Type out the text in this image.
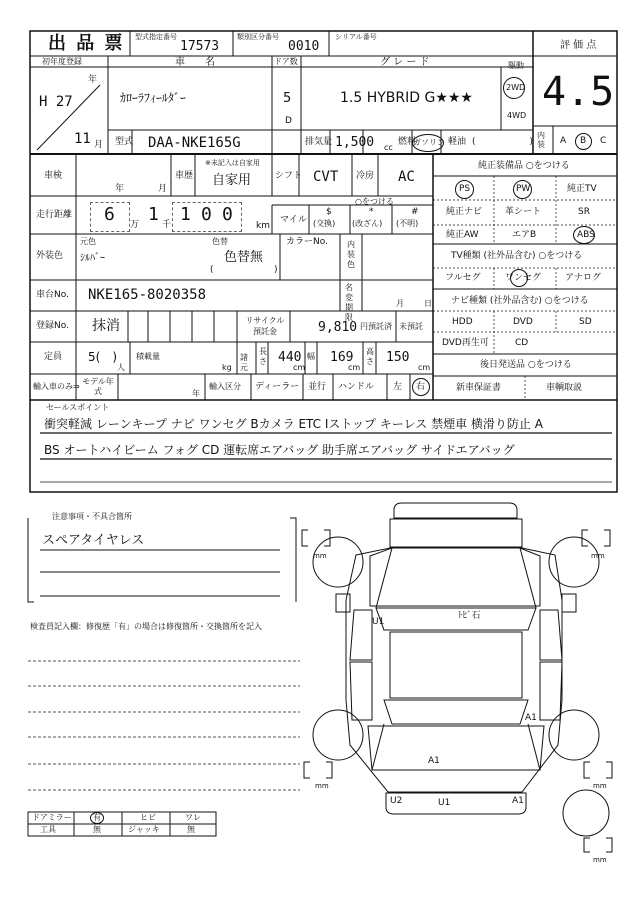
出 品 票 型式指定番号
17573
類別区分番号
0010
シリアル番号
評 価 点
4.5
初年度登録
H 27
年
11 月
車　　名
ｶﾛｰﾗﾌｨｰﾙﾀﾞｰ
ドア数
5
D
グ レ ー ド
1.5 HYBRID G★★★
駆動
2WD
4WD
型式 DAA-NKE165G	排気量 1,500 cc
燃料
ガソリン 軽油 (　　　　　　)
内装 A B C
車検
年	月
車歴
※未記入は自家用
自家用	シフト CVT 冷房 AC
走行距離 6 万 1 千 1 0 0
km
マイル
○をつける
$
(交換)
*
(改ざん)
#
(不明)
外装色
元色
ｼﾙﾊﾞｰ
色替
色替無
(	)
カラーNo. 内装色
車台No. NKE165-8020358	名変期限
月	日
登録No. 抹消	リサイクル預託金	9,810 円預託済 未預託
定員 5(　)
人
積載量
kg
諸元
長さ 440
cm
幅 169
cm
高さ 150
cm
輸入車のみ⇒
モデル年式	年
輸入区分 ディーラー 並行 ハンドル 左 右
純正装備品 ○をつける
PS	PW	純正TV
純正ナビ	革シート	SR
純正AW	エアB	ABS
TV種類 (社外品含む) ○をつける
フルセグ	ワンセグ	アナログ
ナビ種類 (社外品含む) ○をつける
HDD	DVD	SD
DVD再生可	CD
後日発送品 ○をつける
新車保証書	車輌取説
セールスポイント
衝突軽減 レーンキープ ナビ ワンセグ Bカメラ ETC Iストップ キーレス 禁煙車 横滑り防止 A
BS オートハイビーム フォグ CD 運転席エアバッグ 助手席エアバッグ サイドエアバッグ
注意事項・不具合箇所
スペアタイヤレス
検査員記入欄：修復歴「有」の場合は修復箇所・交換箇所を記入
mm	mm
mm	mm
mm
U1
ﾄﾋﾞ石
A1
A1
U2	U1	A1
ドアミラー	有	ヒビ	ワレ
工具	無	ジャッキ	無
